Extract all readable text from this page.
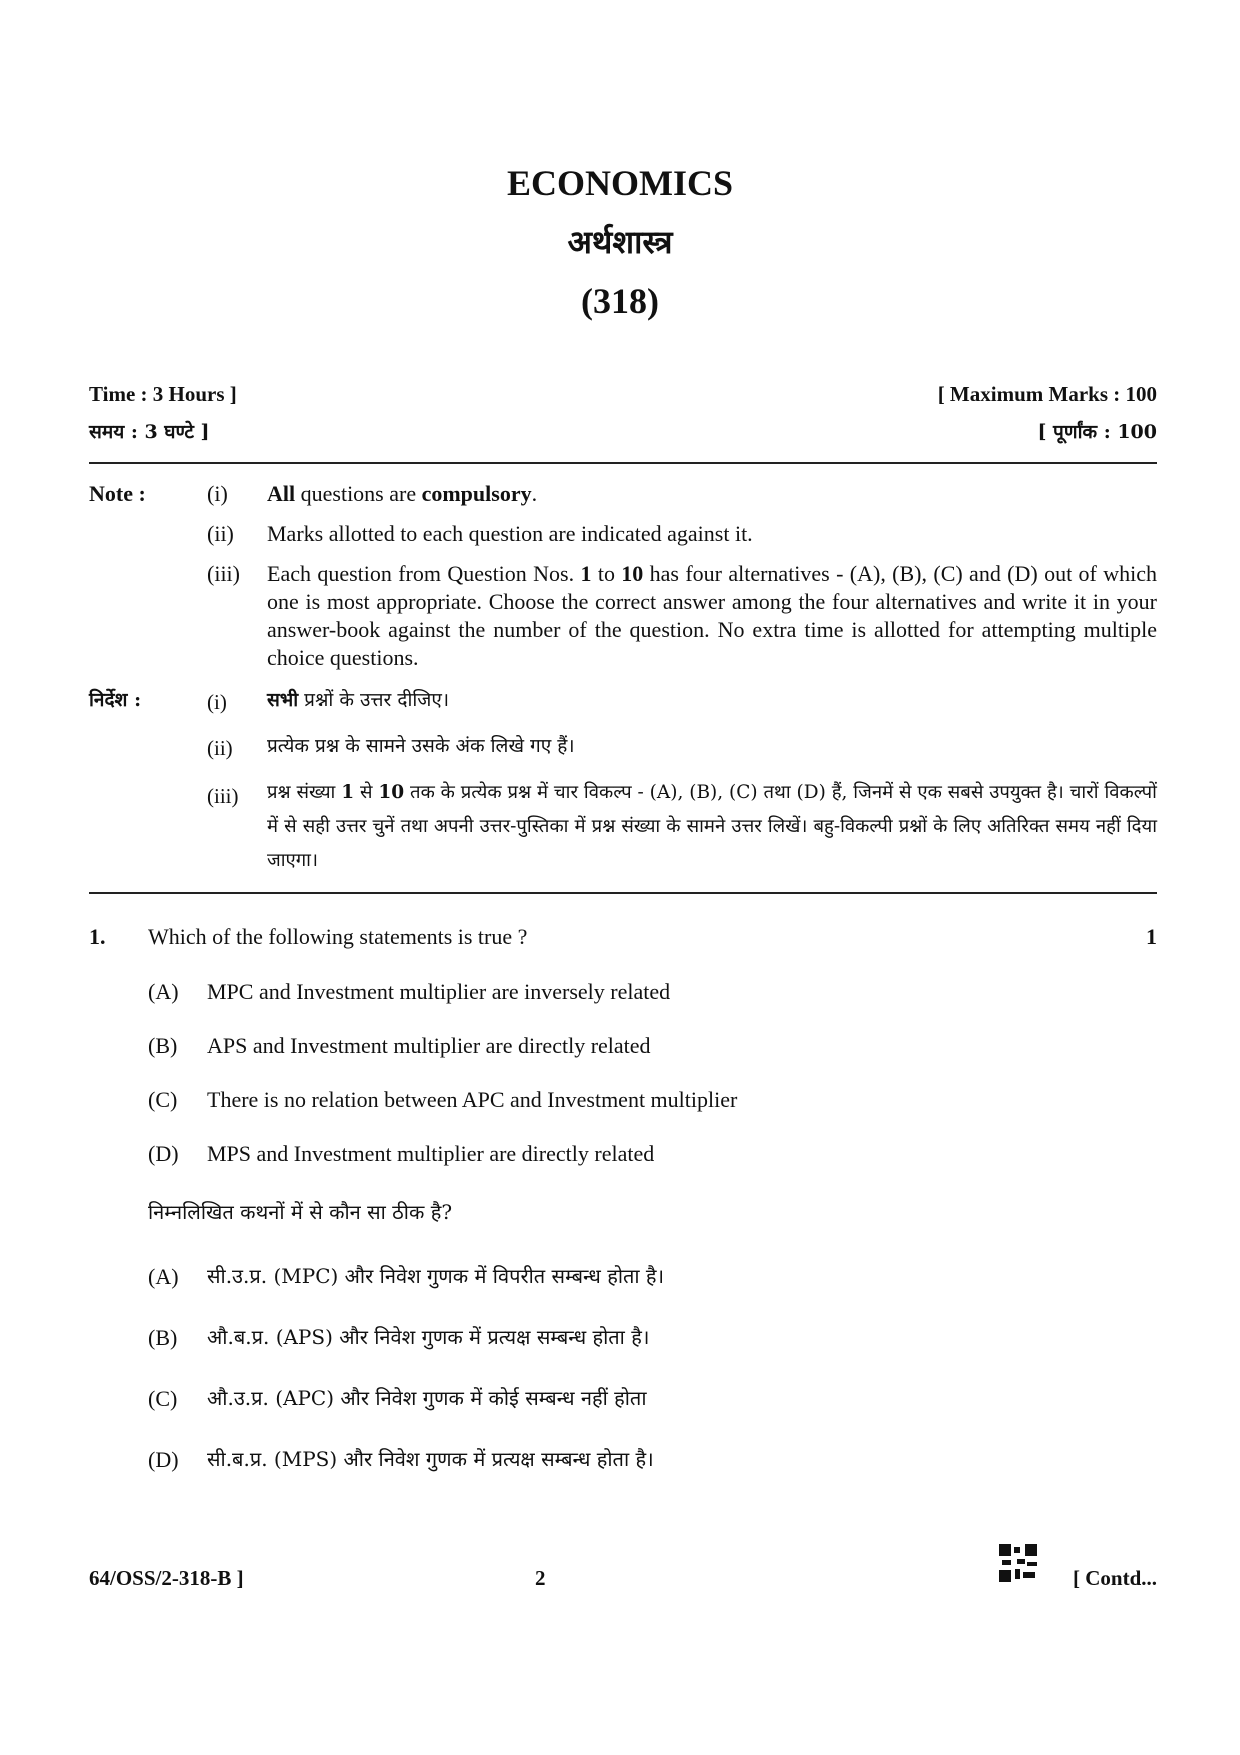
ECONOMICS
अर्थशास्त्र
(318)
Time : 3 Hours ]	[ Maximum Marks : 100
समय : 3 घण्टे ]	[ पूर्णांक : 100
Note :	(i) All questions are compulsory.
(ii) Marks allotted to each question are indicated against it.
(iii) Each question from Question Nos. 1 to 10 has four alternatives - (A), (B), (C) and (D) out of which one is most appropriate. Choose the correct answer among the four alternatives and write it in your answer-book against the number of the question. No extra time is allotted for attempting multiple choice questions.
निर्देश :	(i) सभी प्रश्नों के उत्तर दीजिए।
(ii) प्रत्येक प्रश्न के सामने उसके अंक लिखे गए हैं।
(iii) प्रश्न संख्या 1 से 10 तक के प्रत्येक प्रश्न में चार विकल्प - (A), (B), (C) तथा (D) हैं, जिनमें से एक सबसे उपयुक्त है। चारों विकल्पों में से सही उत्तर चुनें तथा अपनी उत्तर-पुस्तिका में प्रश्न संख्या के सामने उत्तर लिखें। बहु-विकल्पी प्रश्नों के लिए अतिरिक्त समय नहीं दिया जाएगा।
1. Which of the following statements is true ?	1
(A) MPC and Investment multiplier are inversely related
(B) APS and Investment multiplier are directly related
(C) There is no relation between APC and Investment multiplier
(D) MPS and Investment multiplier are directly related
निम्नलिखित कथनों में से कौन सा ठीक है?
(A) सी.उ.प्र. (MPC) और निवेश गुणक में विपरीत सम्बन्ध होता है।
(B) औ.ब.प्र. (APS) और निवेश गुणक में प्रत्यक्ष सम्बन्ध होता है।
(C) औ.उ.प्र. (APC) और निवेश गुणक में कोई सम्बन्ध नहीं होता
(D) सी.ब.प्र. (MPS) और निवेश गुणक में प्रत्यक्ष सम्बन्ध होता है।
64/OSS/2-318-B ]	2	[ Contd...
